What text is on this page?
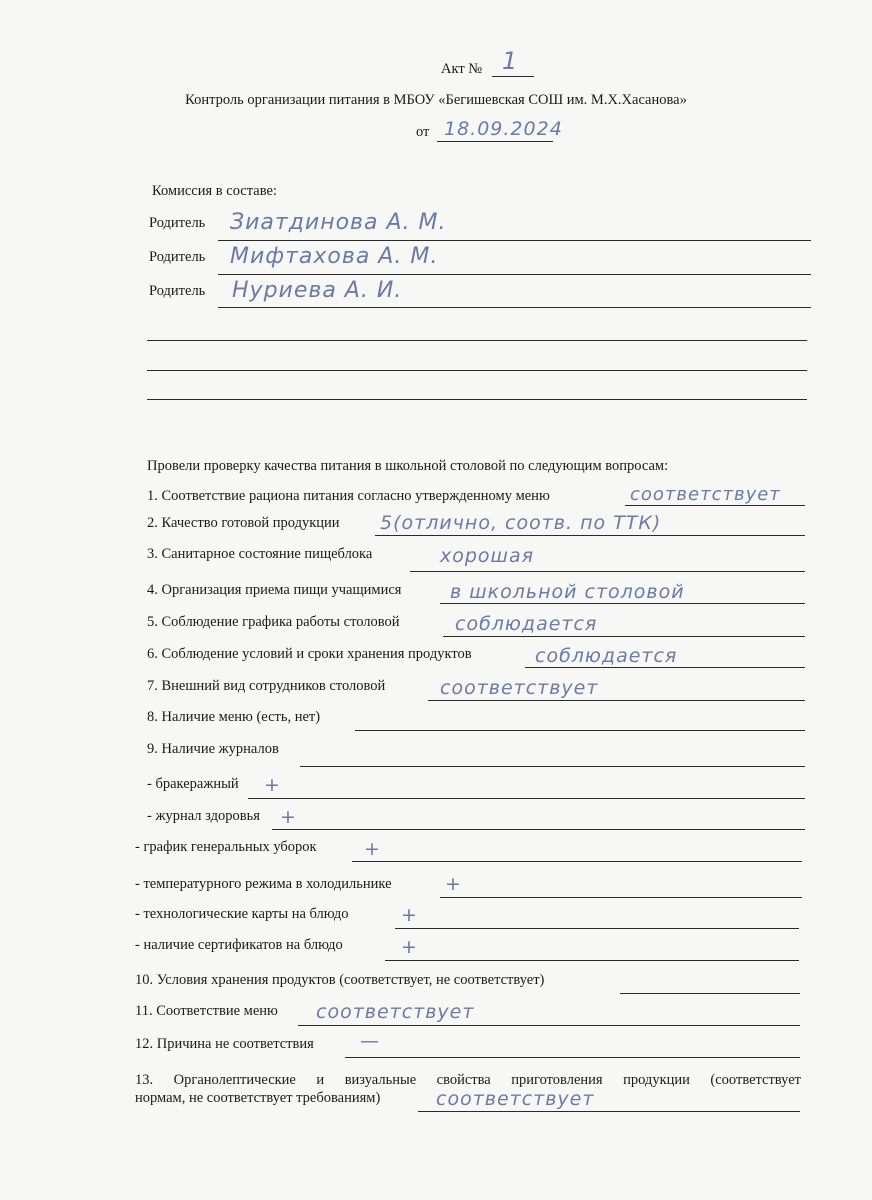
Акт № 1
Контроль организации питания в МБОУ «Бегишевская СОШ им. М.Х.Хасанова»
от 18.09.2024
Комиссия в составе:
Родитель Зиатдинова А. М.
Родитель Мифтахова А. М.
Родитель Нуриева А. И.
Провели проверку качества питания в школьной столовой по следующим вопросам:
1. Соответствие рациона питания согласно утвержденному меню	соответствует
2. Качество готовой продукции 5(отлично, соотв. по ТТК)
3. Санитарное состояние пищеблока	хорошая
4. Организация приема пищи учащимися	в школьной столовой
5. Соблюдение графика работы столовой	соблюдается
6. Соблюдение условий и сроки хранения продуктов	соблюдается
7. Внешний вид сотрудников столовой	соответствует
8. Наличие меню (есть, нет)
9. Наличие журналов
- бракеражный +
- журнал здоровья +
- график генеральных уборок +
- температурного режима в холодильнике	+
- технологические карты на блюдо	+
- наличие сертификатов на блюдо	+
10. Условия хранения продуктов (соответствует, не соответствует)
11. Соответствие меню соответствует
12. Причина не соответствия —
13. Органолептические и визуальные свойства приготовления продукции (соответствует
нормам, не соответствует требованиям)	соответствует
